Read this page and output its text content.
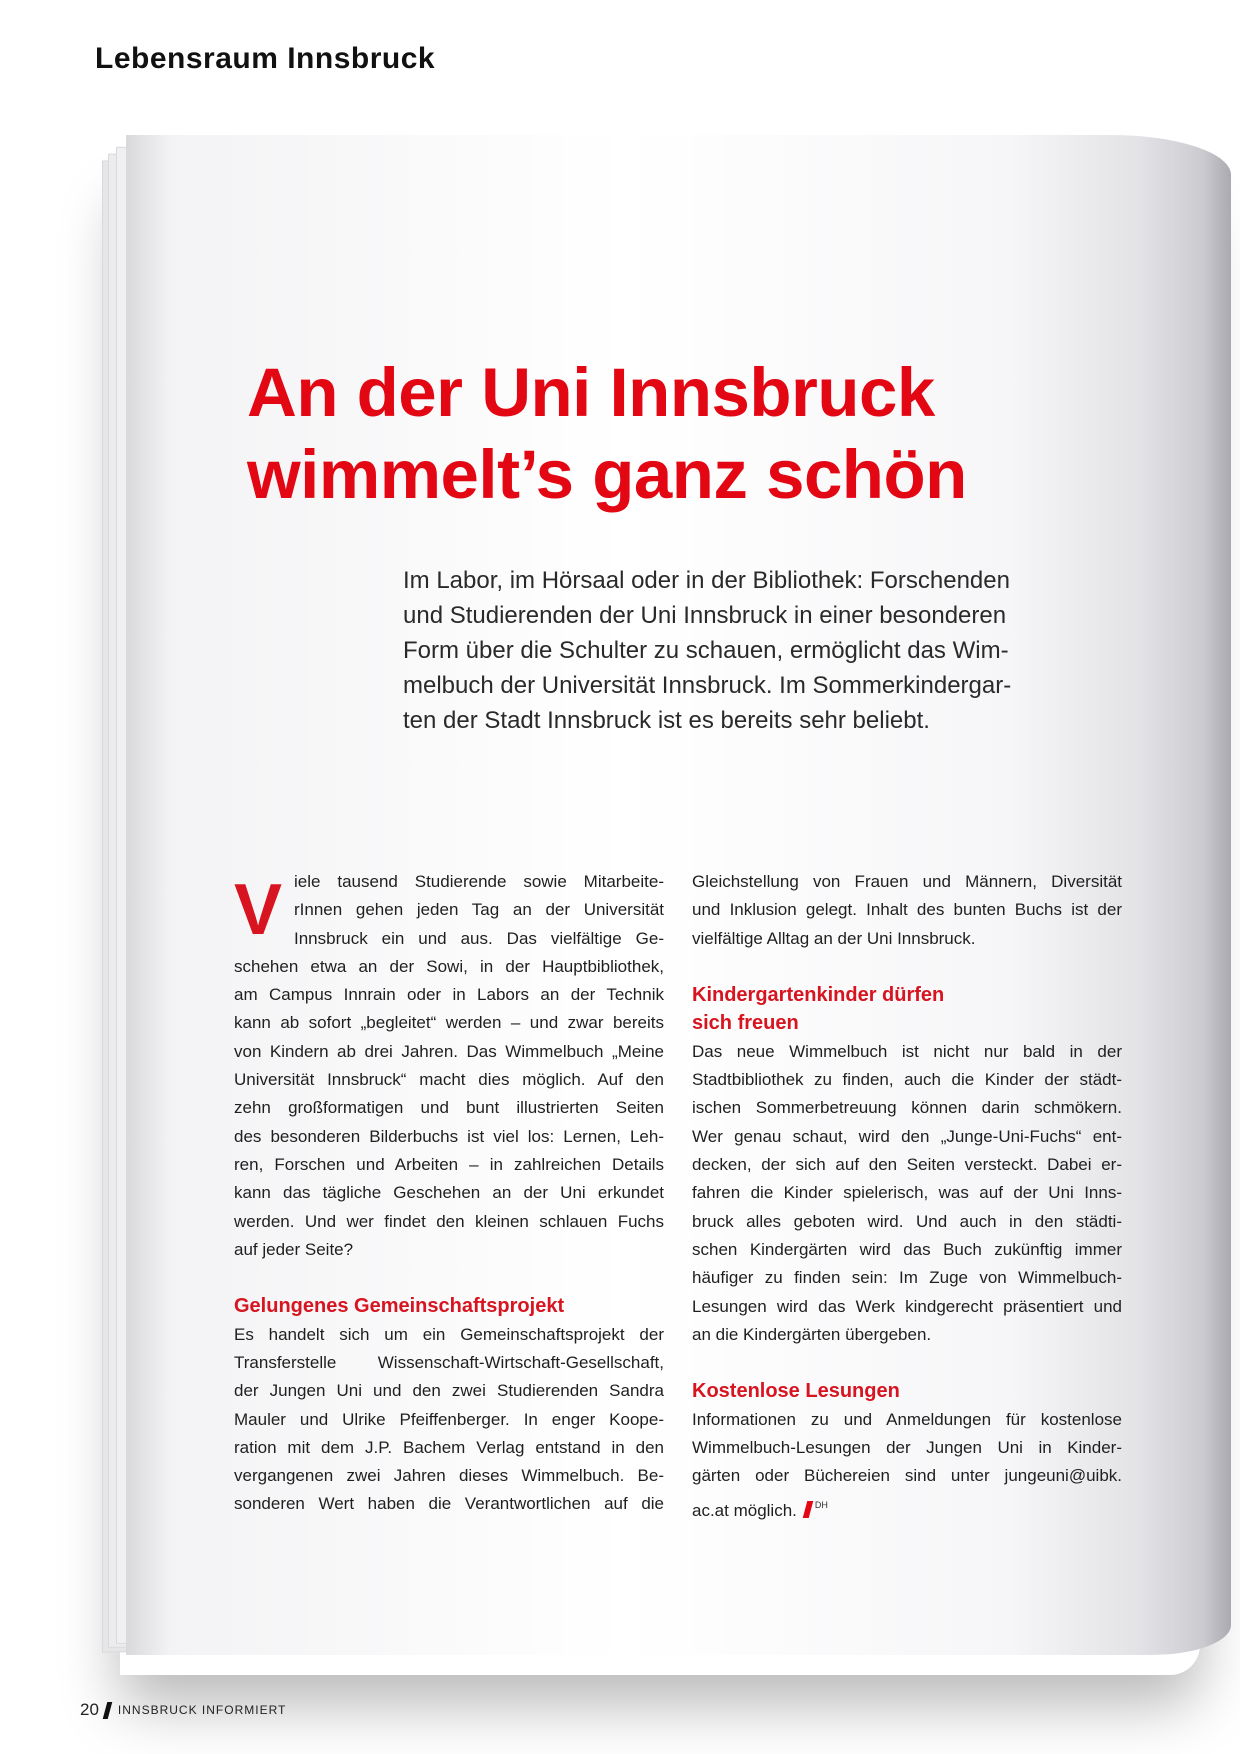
Lebensraum Innsbruck
An der Uni Innsbruck
wimmelt’s ganz schön
Im Labor, im Hörsaal oder in der Bibliothek: Forschenden
und Studierenden der Uni Innsbruck in einer besonderen
Form über die Schulter zu schauen, ermöglicht das Wim-
melbuch der Universität Innsbruck. Im Sommerkindergar-
ten der Stadt Innsbruck ist es bereits sehr beliebt.
V iele tausend Studierende sowie Mitarbeite-
rInnen gehen jeden Tag an der Universität
Innsbruck ein und aus. Das vielfältige Ge-
schehen etwa an der Sowi, in der Hauptbibliothek,
am Campus Innrain oder in Labors an der Technik
kann ab sofort „begleitet“ werden – und zwar bereits
von Kindern ab drei Jahren. Das Wimmelbuch „Meine
Universität Innsbruck“ macht dies möglich. Auf den
zehn großformatigen und bunt illustrierten Seiten
des besonderen Bilderbuchs ist viel los: Lernen, Leh-
ren, Forschen und Arbeiten – in zahlreichen Details
kann das tägliche Geschehen an der Uni erkundet
werden. Und wer findet den kleinen schlauen Fuchs
auf jeder Seite?
Gelungenes Gemeinschaftsprojekt
Es handelt sich um ein Gemeinschaftsprojekt der
Transferstelle Wissenschaft-Wirtschaft-Gesellschaft,
der Jungen Uni und den zwei Studierenden Sandra
Mauler und Ulrike Pfeiffenberger. In enger Koope-
ration mit dem J.P. Bachem Verlag entstand in den
vergangenen zwei Jahren dieses Wimmelbuch. Be-
sonderen Wert haben die Verantwortlichen auf die
Gleichstellung von Frauen und Männern, Diversität
und Inklusion gelegt. Inhalt des bunten Buchs ist der
vielfältige Alltag an der Uni Innsbruck.
Kindergartenkinder dürfen
sich freuen
Das neue Wimmelbuch ist nicht nur bald in der
Stadtbibliothek zu finden, auch die Kinder der städt-
ischen Sommerbetreuung können darin schmökern.
Wer genau schaut, wird den „Junge-Uni-Fuchs“ ent-
decken, der sich auf den Seiten versteckt. Dabei er-
fahren die Kinder spielerisch, was auf der Uni Inns-
bruck alles geboten wird. Und auch in den städti-
schen Kindergärten wird das Buch zukünftig immer
häufiger zu finden sein: Im Zuge von Wimmelbuch-
Lesungen wird das Werk kindgerecht präsentiert und
an die Kindergärten übergeben.
Kostenlose Lesungen
Informationen zu und Anmeldungen für kostenlose
Wimmelbuch-Lesungen der Jungen Uni in Kinder-
gärten oder Büchereien sind unter jungeuni@uibk.
ac.at möglich. $^{DH}$
20 INNSBRUCK INFORMIERT
